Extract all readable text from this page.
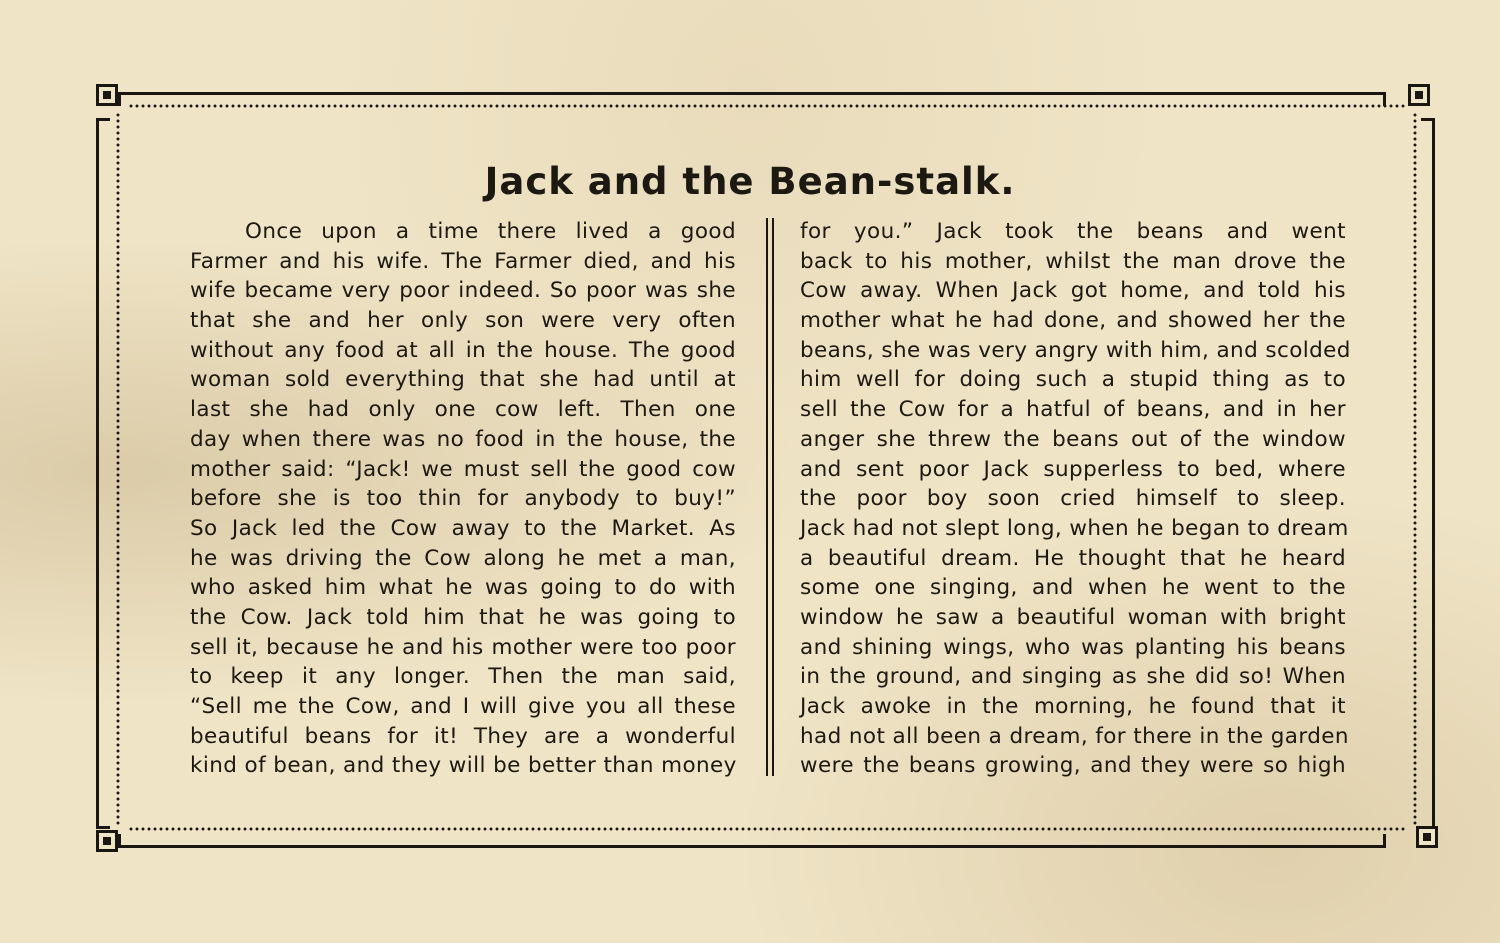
Jack and the Bean-stalk.
Once upon a time there lived a good
Farmer and his wife. The Farmer died, and his
wife became very poor indeed. So poor was she
that she and her only son were very often
without any food at all in the house. The good
woman sold everything that she had until at
last she had only one cow left. Then one
day when there was no food in the house, the
mother said: “Jack! we must sell the good cow
before she is too thin for anybody to buy!”
So Jack led the Cow away to the Market. As
he was driving the Cow along he met a man,
who asked him what he was going to do with
the Cow. Jack told him that he was going to
sell it, because he and his mother were too poor
to keep it any longer. Then the man said,
“Sell me the Cow, and I will give you all these
beautiful beans for it! They are a wonderful
kind of bean, and they will be better than money
for you.” Jack took the beans and went
back to his mother, whilst the man drove the
Cow away. When Jack got home, and told his
mother what he had done, and showed her the
beans, she was very angry with him, and scolded
him well for doing such a stupid thing as to
sell the Cow for a hatful of beans, and in her
anger she threw the beans out of the window
and sent poor Jack supperless to bed, where
the poor boy soon cried himself to sleep.
Jack had not slept long, when he began to dream
a beautiful dream. He thought that he heard
some one singing, and when he went to the
window he saw a beautiful woman with bright
and shining wings, who was planting his beans
in the ground, and singing as she did so! When
Jack awoke in the morning, he found that it
had not all been a dream, for there in the garden
were the beans growing, and they were so high
